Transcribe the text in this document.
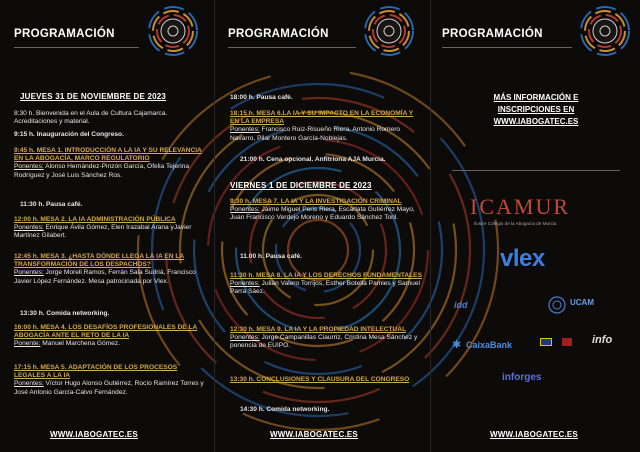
PROGRAMACIÓN
JUEVES 31 DE NOVIEMBRE DE 2023
8:30 h. Bienvenida en el Aula de Cultura Cajamarca. Acreditaciones y material.
9:15 h. Inauguración del Congreso.
9:45 h. MESA 1. INTRODUCCIÓN A LA IA Y SU RELEVANCIA EN LA ABOGACÍA, MARCO REGULATORIO
Ponentes: Alonso Hernández-Pinzón García, Ofelia Tejerina Rodríguez y José Luis Sánchez Ros.
11:30 h. Pausa café.
12:00 h. MESA 2. LA IA ADMINISTRACIÓN PÚBLICA
Ponentes: Enrique Ávila Gómez, Elen Irazabal Arana yJavier Martínez Gilabert.
12:45 h. MESA 3. ¿HASTA DÓNDE LLEGA LA IA EN LA TRANSFORMACIÓN DE LOS DESPACHOS?
Ponentes: Jorge Morell Ramos, Ferrán Sala Sudriá, Francisco Javier López Fernández. Mesa patrocinada por Vlex.
13:30 h. Comida networking.
16:00 h. MESA 4. LOS DESAFÍOS PROFESIONALES DE LA ABOGACÍA ANTE EL RETO DE LA IA
Ponente: Manuel Marchena Gómez.
17:15 h. MESA 5. ADAPTACIÓN DE LOS PROCESOS LEGALES A LA IA
Ponentes: Víctor Hugo Alonso Gutiérrez, Rocío Ramírez Torres y José Antonio García-Calvo Fernández.
WWW.IABOGATEC.ES
PROGRAMACIÓN
18:00 h. Pausa café.
18:15 h. MESA 6.LA IA Y SU IMPACTO EN LA ECONOMÍA Y EN LA EMPRESA
Ponentes: Francisco Ruiz-Risueño Riera, Antonio Romero Navarro, Pilar Montero García-Noblejas.
21:00 h. Cena opcional. Anfitriona AJA Murcia.
VIERNES 1 DE DICIEMBRE DE 2023
9:30 h. MESA 7. LA IA Y LA INVESTIGACIÓN CRIMINAL
Ponentes: Jaime Miguel Peris Riera, Escarlata Gutiérrez Mayo, Juan Francisco Verdejo Moreno y Eduardo Sánchez Toril.
11.00 h. Pausa café.
11:30 h. MESA 8. LA IA Y LOS DERECHOS FUNDAMENTALES
Ponentes: Julián Valero Torrijos, Esther Botella Pamies y Samuel Parra Sáez.
12:30 h. MESA 9. LA IA Y LA PROPIEDAD INTELECTUAL
Ponentes: Jorge Campanillas Ciaurriz, Cristina Mesa Sánchez y ponencia de EUIPO.
13:30 h. CONCLUSIONES Y CLAUSURA DEL CONGRESO
14:30 h. Comida networking.
WWW.IABOGATEC.ES
PROGRAMACIÓN
MÁS INFORMACIÓN E
INSCRIPCIONES EN
WWW.IABOGATEC.ES
ICAMUR
Ilustre Colegio de la Abogacía de Murcia
vlex
idd	UCAM
✱ CaixaBank	info
inforges
WWW.IABOGATEC.ES
